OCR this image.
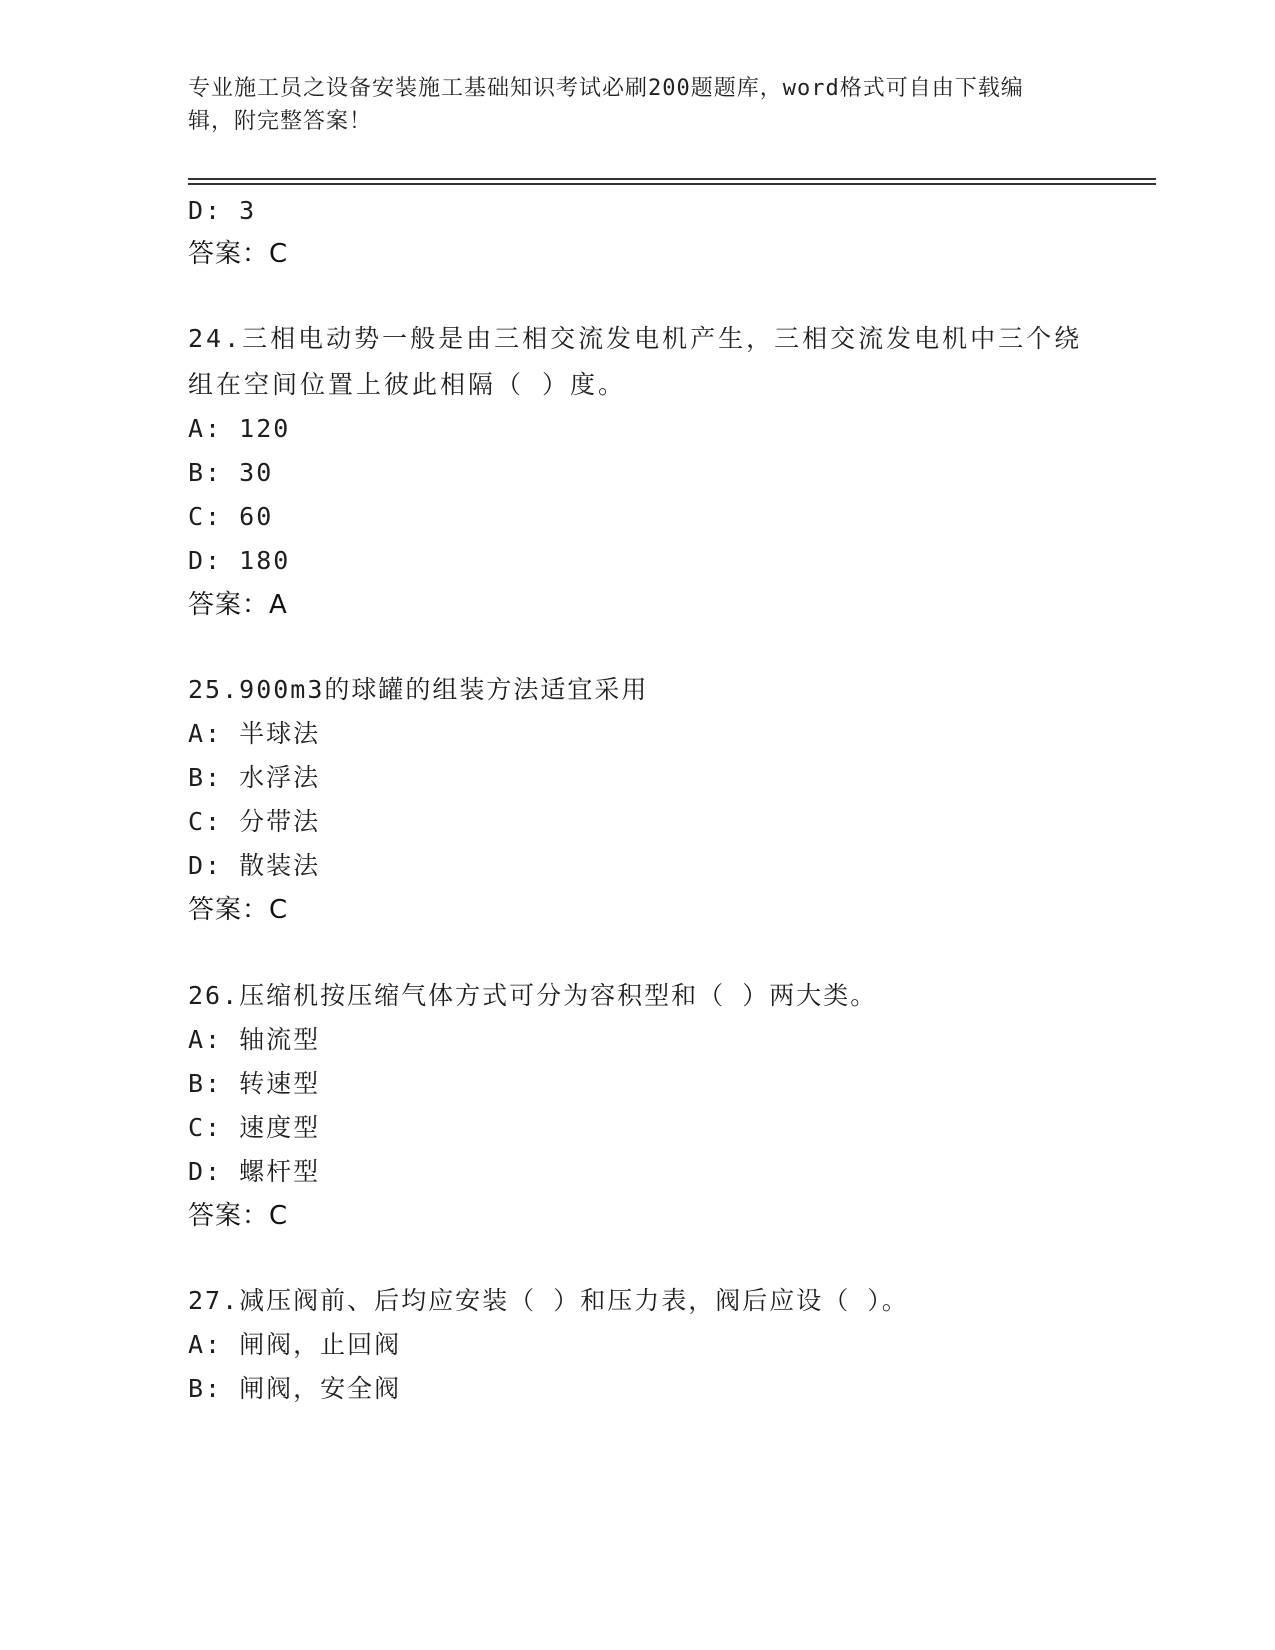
专业施工员之设备安装施工基础知识考试必刷200题题库，word格式可自由下载编辑，附完整答案！
D: 3
答案：C
24.三相电动势一般是由三相交流发电机产生，三相交流发电机中三个绕组在空间位置上彼此相隔（ ）度。
A: 120
B: 30
C: 60
D: 180
答案：A
25.900m3的球罐的组装方法适宜采用
A: 半球法
B: 水浮法
C: 分带法
D: 散装法
答案：C
26.压缩机按压缩气体方式可分为容积型和（ ）两大类。
A: 轴流型
B: 转速型
C: 速度型
D: 螺杆型
答案：C
27.减压阀前、后均应安装（ ）和压力表，阀后应设（ ）。
A: 闸阀，止回阀
B: 闸阀，安全阀
